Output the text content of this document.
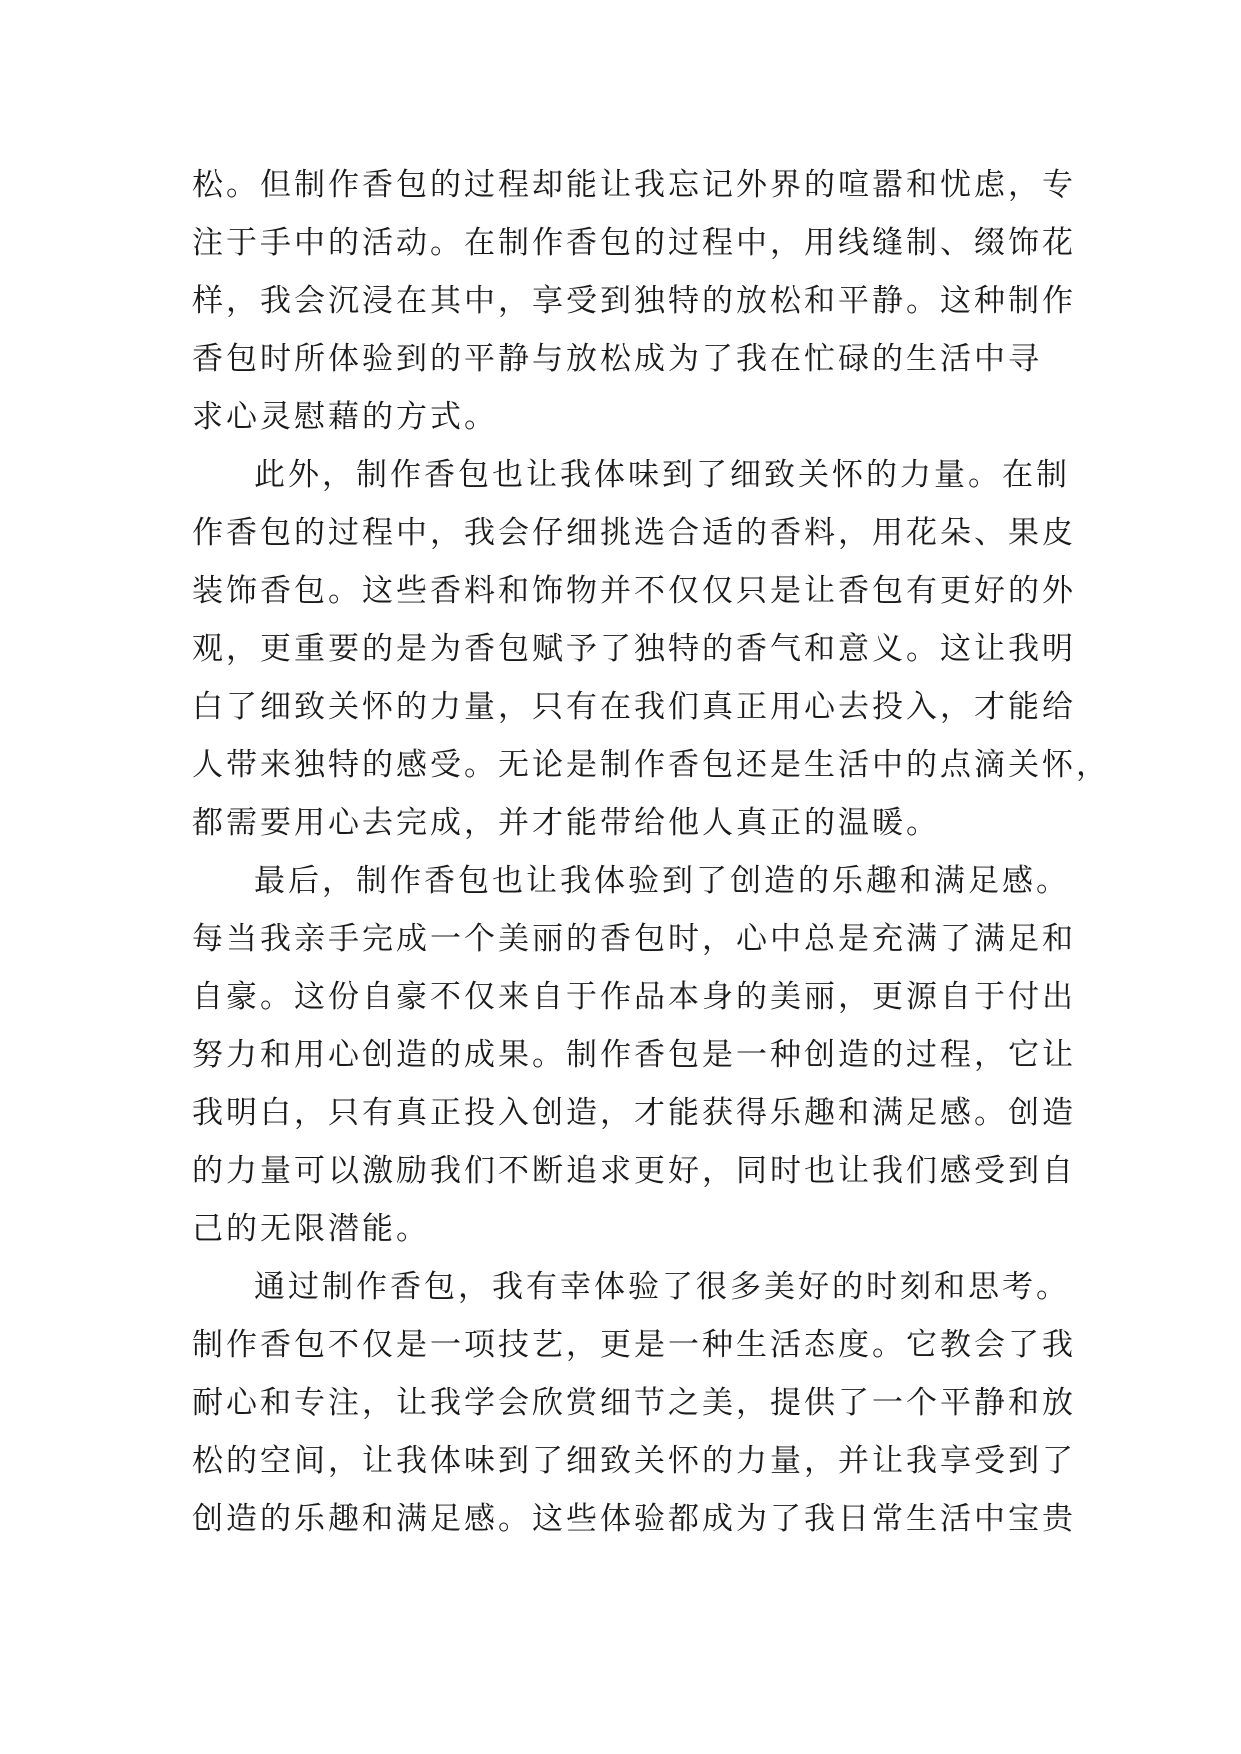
松。但制作香包的过程却能让我忘记外界的喧嚣和忧虑，专
注于手中的活动。在制作香包的过程中，用线缝制、缀饰花
样，我会沉浸在其中，享受到独特的放松和平静。这种制作
香包时所体验到的平静与放松成为了我在忙碌的生活中寻
求心灵慰藉的方式。
此外，制作香包也让我体味到了细致关怀的力量。在制
作香包的过程中，我会仔细挑选合适的香料，用花朵、果皮
装饰香包。这些香料和饰物并不仅仅只是让香包有更好的外
观，更重要的是为香包赋予了独特的香气和意义。这让我明
白了细致关怀的力量，只有在我们真正用心去投入，才能给
人带来独特的感受。无论是制作香包还是生活中的点滴关怀，
都需要用心去完成，并才能带给他人真正的温暖。
最后，制作香包也让我体验到了创造的乐趣和满足感。
每当我亲手完成一个美丽的香包时，心中总是充满了满足和
自豪。这份自豪不仅来自于作品本身的美丽，更源自于付出
努力和用心创造的成果。制作香包是一种创造的过程，它让
我明白，只有真正投入创造，才能获得乐趣和满足感。创造
的力量可以激励我们不断追求更好，同时也让我们感受到自
己的无限潜能。
通过制作香包，我有幸体验了很多美好的时刻和思考。
制作香包不仅是一项技艺，更是一种生活态度。它教会了我
耐心和专注，让我学会欣赏细节之美，提供了一个平静和放
松的空间，让我体味到了细致关怀的力量，并让我享受到了
创造的乐趣和满足感。这些体验都成为了我日常生活中宝贵
